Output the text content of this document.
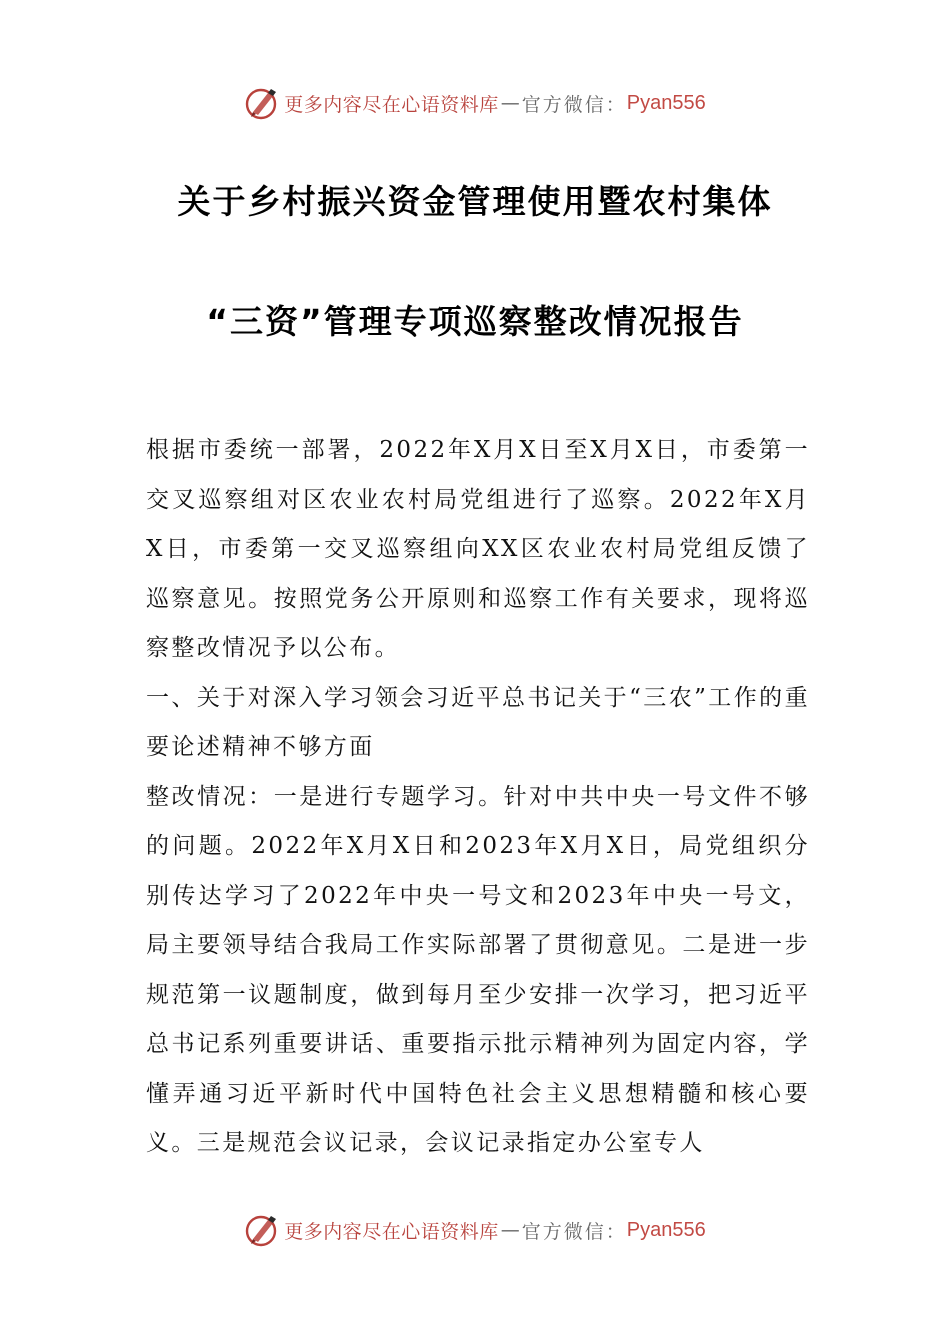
更多内容尽在心语资料库 — 官方微信： Pyan556
关于乡村振兴资金管理使用暨农村集体
“三资”管理专项巡察整改情况报告

根据市委统一部署，2022年X月X日至X月X日，市委第一交叉巡察组对区农业农村局党组进行了巡察。2022年X月X日，市委第一交叉巡察组向XX区农业农村局党组反馈了巡察意见。按照党务公开原则和巡察工作有关要求，现将巡察整改情况予以公布。

一、关于对深入学习领会习近平总书记关于“三农”工作的重要论述精神不够方面

整改情况：一是进行专题学习。针对中共中央一号文件不够的问题。2022年X月X日和2023年X月X日，局党组织分别传达学习了2022年中央一号文和2023年中央一号文，局主要领导结合我局工作实际部署了贯彻意见。二是进一步规范第一议题制度，做到每月至少安排一次学习，把习近平总书记系列重要讲话、重要指示批示精神列为固定内容，学懂弄通习近平新时代中国特色社会主义思想精髓和核心要义。三是规范会议记录，会议记录指定办公室专人

更多内容尽在心语资料库 — 官方微信： Pyan556
